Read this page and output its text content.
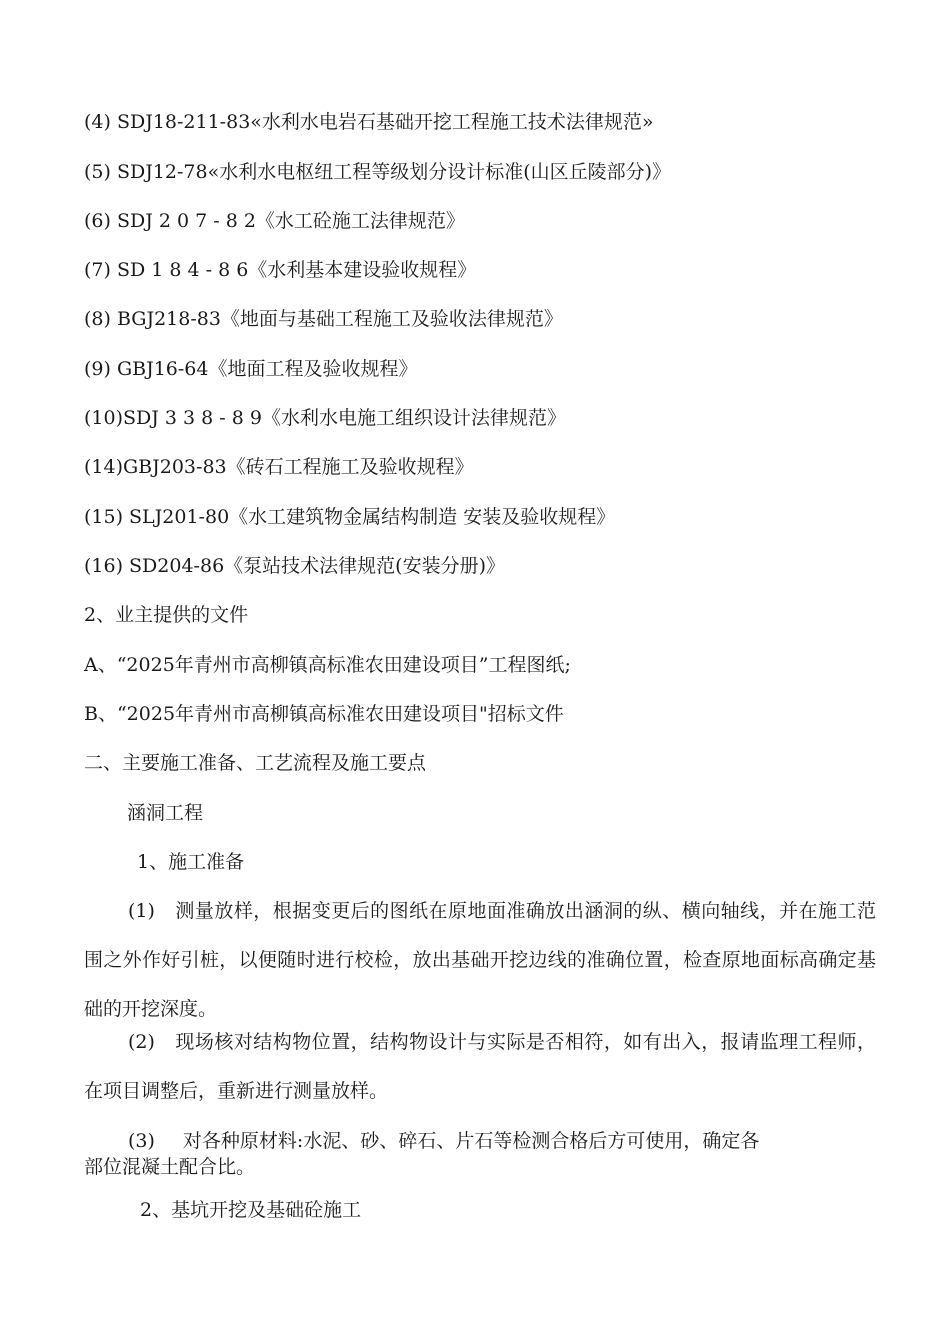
(4) SDJ18-211-83«水利水电岩石基础开挖工程施工技术法律规范»
(5) SDJ12-78«水利水电枢纽工程等级划分设计标准(山区丘陵部分)》
(6) SDJ 2 0 7 - 8 2《水工砼施工法律规范》
(7) SD 1 8 4 - 8 6《水利基本建设验收规程》
(8) BGJ218-83《地面与基础工程施工及验收法律规范》
(9) GBJ16-64《地面工程及验收规程》
(10)SDJ 3 3 8 - 8 9《水利水电施工组织设计法律规范》
(14)GBJ203-83《砖石工程施工及验收规程》
(15) SLJ201-80《水工建筑物金属结构制造 安装及验收规程》
(16) SD204-86《泵站技术法律规范(安装分册)》
2、业主提供的文件
A、“2025年青州市高柳镇高标准农田建设项目”工程图纸;
B、“2025年青州市高柳镇高标准农田建设项目"招标文件
二、主要施工准备、工艺流程及施工要点
涵洞工程
1、施工准备
(1) 测量放样，根据变更后的图纸在原地面准确放出涵洞的纵、横向轴线，并在施工范围之外作好引桩，以便随时进行校检，放出基础开挖边线的准确位置，检查原地面标高确定基础的开挖深度。
(2) 现场核对结构物位置，结构物设计与实际是否相符，如有出入，报请监理工程师，在项目调整后，重新进行测量放样。
(3) 对各种原材料:水泥、砂、碎石、片石等检测合格后方可使用，确定各
部位混凝土配合比。
2、基坑开挖及基础砼施工
